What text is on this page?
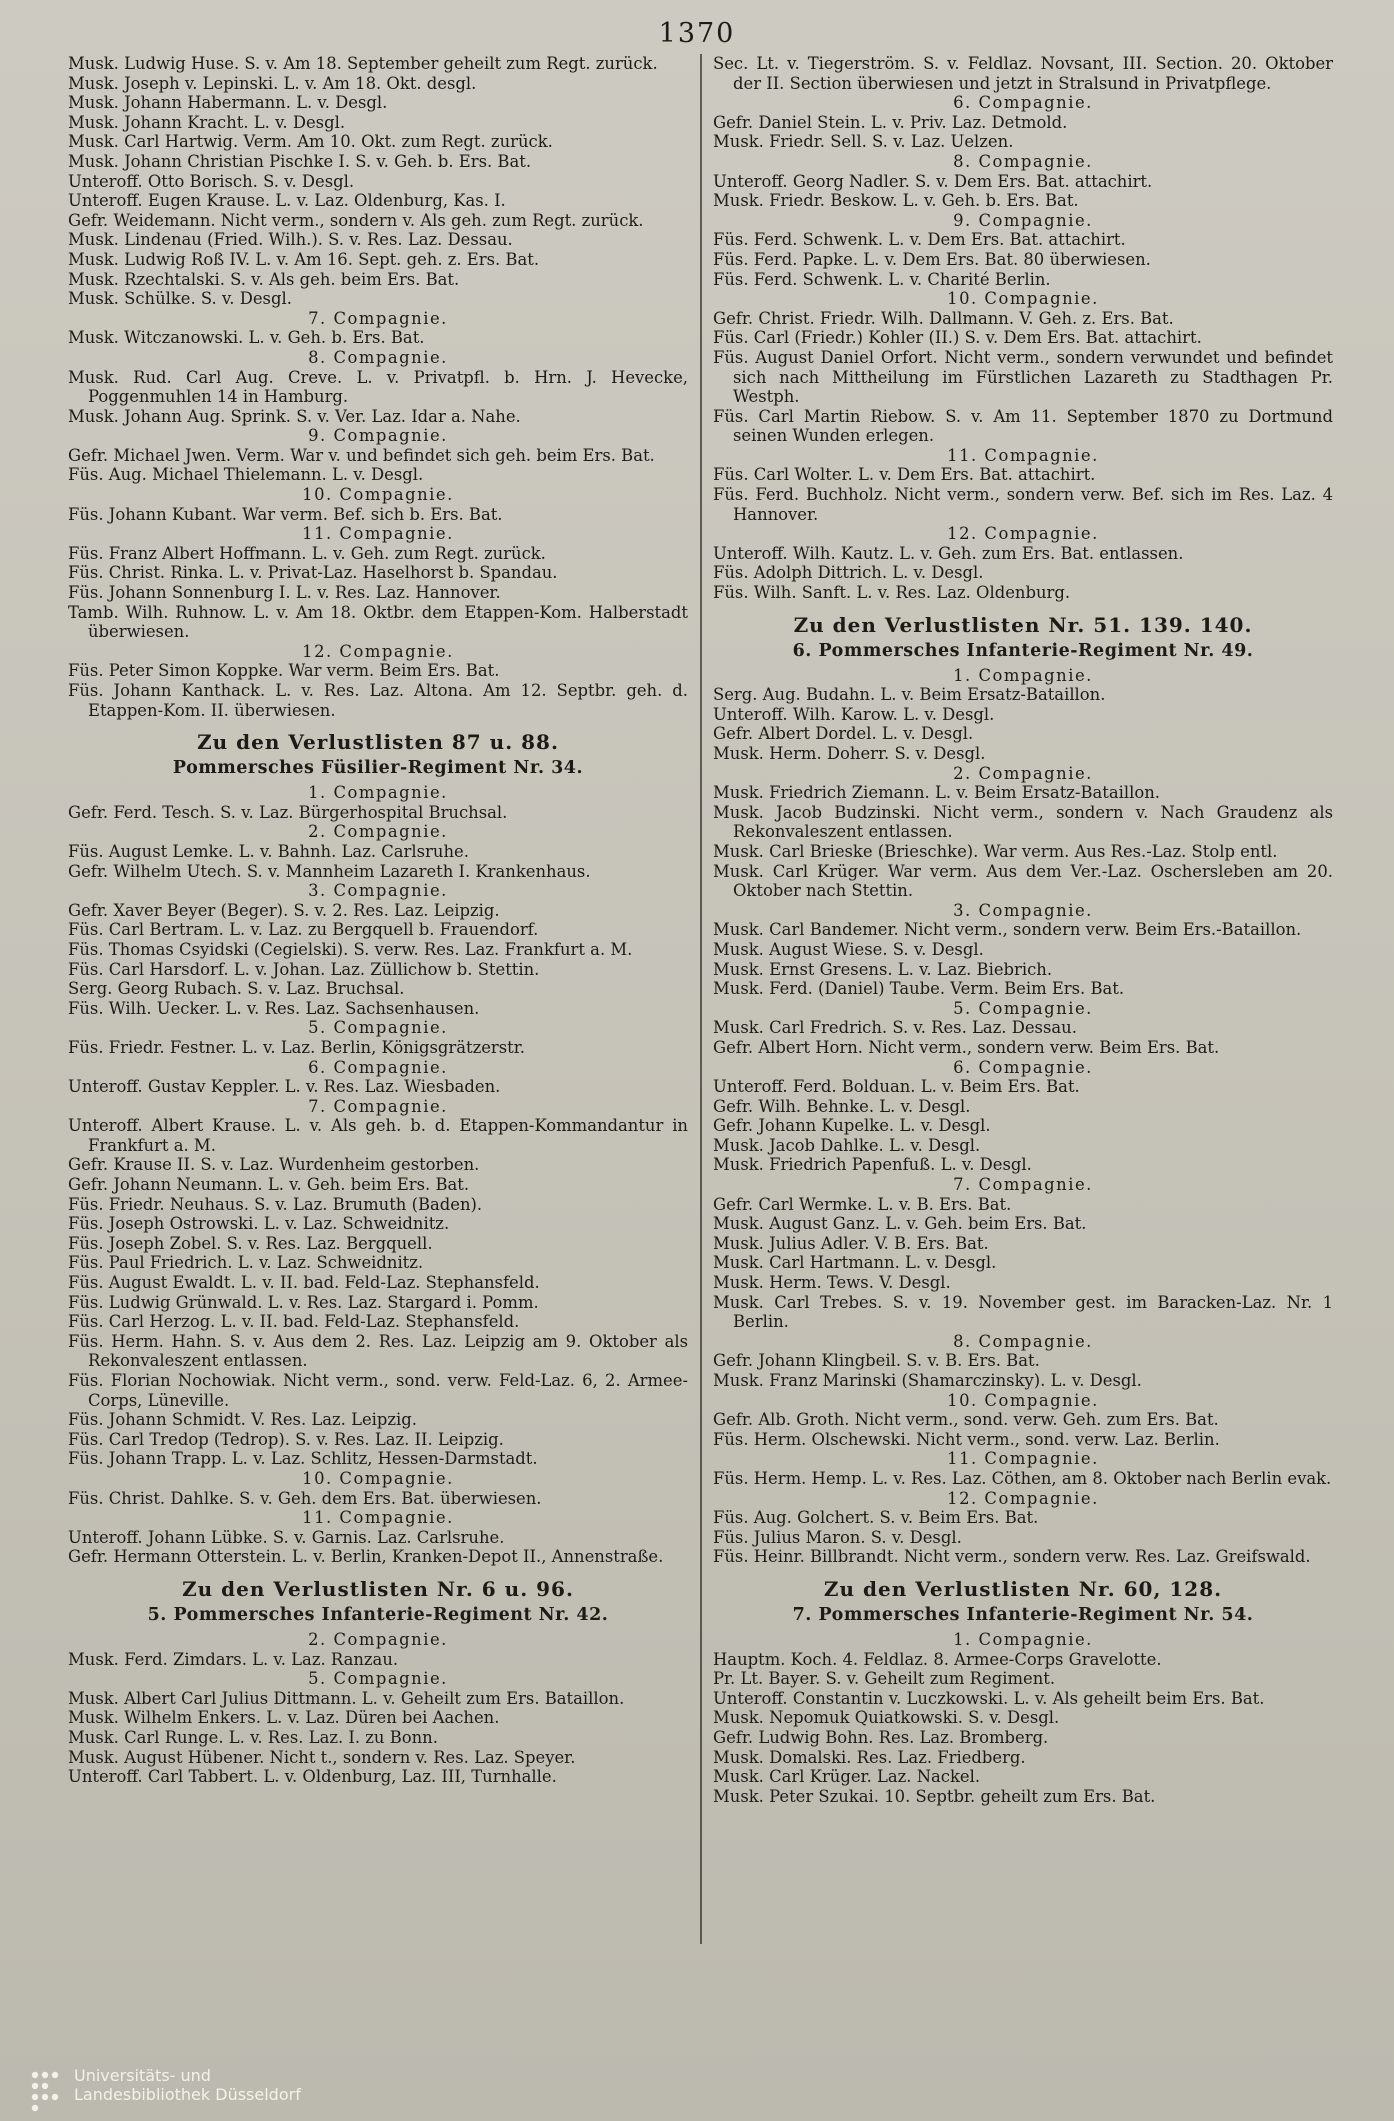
1370

Musk. Ludwig Huse. S. v. Am 18. September geheilt zum Regt. zurück.

Musk. Joseph v. Lepinski. L. v. Am 18. Okt. desgl.

Musk. Johann Habermann. L. v. Desgl.

Musk. Johann Kracht. L. v. Desgl.

Musk. Carl Hartwig. Verm. Am 10. Okt. zum Regt. zurück.

Musk. Johann Christian Pischke I. S. v. Geh. b. Ers. Bat.

Unteroff. Otto Borisch. S. v. Desgl.

Unteroff. Eugen Krause. L. v. Laz. Oldenburg, Kas. I.

Gefr. Weidemann. Nicht verm., sondern v. Als geh. zum Regt. zurück.

Musk. Lindenau (Fried. Wilh.). S. v. Res. Laz. Dessau.

Musk. Ludwig Roß IV. L. v. Am 16. Sept. geh. z. Ers. Bat.

Musk. Rzechtalski. S. v. Als geh. beim Ers. Bat.

Musk. Schülke. S. v. Desgl.

7. Compagnie.

Musk. Witczanowski. L. v. Geh. b. Ers. Bat.

8. Compagnie.

Musk. Rud. Carl Aug. Creve. L. v. Privatpfl. b. Hrn. J. Hevecke, Poggenmuhlen 14 in Hamburg.

Musk. Johann Aug. Sprink. S. v. Ver. Laz. Idar a. Nahe.

9. Compagnie.

Gefr. Michael Jwen. Verm. War v. und befindet sich geh. beim Ers. Bat.

Füs. Aug. Michael Thielemann. L. v. Desgl.

10. Compagnie.

Füs. Johann Kubant. War verm. Bef. sich b. Ers. Bat.

11. Compagnie.

Füs. Franz Albert Hoffmann. L. v. Geh. zum Regt. zurück.

Füs. Christ. Rinka. L. v. Privat-Laz. Haselhorst b. Spandau.

Füs. Johann Sonnenburg I. L. v. Res. Laz. Hannover.

Tamb. Wilh. Ruhnow. L. v. Am 18. Oktbr. dem Etappen-Kom. Halberstadt überwiesen.

12. Compagnie.

Füs. Peter Simon Koppke. War verm. Beim Ers. Bat.

Füs. Johann Kanthack. L. v. Res. Laz. Altona. Am 12. Septbr. geh. d. Etappen-Kom. II. überwiesen.

Zu den Verlustlisten 87 u. 88.

Pommersches Füsilier-Regiment Nr. 34.

1. Compagnie.

Gefr. Ferd. Tesch. S. v. Laz. Bürgerhospital Bruchsal.

2. Compagnie.

Füs. August Lemke. L. v. Bahnh. Laz. Carlsruhe.

Gefr. Wilhelm Utech. S. v. Mannheim Lazareth I. Krankenhaus.

3. Compagnie.

Gefr. Xaver Beyer (Beger). S. v. 2. Res. Laz. Leipzig.

Füs. Carl Bertram. L. v. Laz. zu Bergquell b. Frauendorf.

Füs. Thomas Csyidski (Cegielski). S. verw. Res. Laz. Frankfurt a. M.

Füs. Carl Harsdorf. L. v. Johan. Laz. Züllichow b. Stettin.

Serg. Georg Rubach. S. v. Laz. Bruchsal.

Füs. Wilh. Uecker. L. v. Res. Laz. Sachsenhausen.

5. Compagnie.

Füs. Friedr. Festner. L. v. Laz. Berlin, Königsgrätzerstr.

6. Compagnie.

Unteroff. Gustav Keppler. L. v. Res. Laz. Wiesbaden.

7. Compagnie.

Unteroff. Albert Krause. L. v. Als geh. b. d. Etappen-Kommandantur in Frankfurt a. M.

Gefr. Krause II. S. v. Laz. Wurdenheim gestorben.

Gefr. Johann Neumann. L. v. Geh. beim Ers. Bat.

Füs. Friedr. Neuhaus. S. v. Laz. Brumuth (Baden).

Füs. Joseph Ostrowski. L. v. Laz. Schweidnitz.

Füs. Joseph Zobel. S. v. Res. Laz. Bergquell.

Füs. Paul Friedrich. L. v. Laz. Schweidnitz.

Füs. August Ewaldt. L. v. II. bad. Feld-Laz. Stephansfeld.

Füs. Ludwig Grünwald. L. v. Res. Laz. Stargard i. Pomm.

Füs. Carl Herzog. L. v. II. bad. Feld-Laz. Stephansfeld.

Füs. Herm. Hahn. S. v. Aus dem 2. Res. Laz. Leipzig am 9. Oktober als Rekonvaleszent entlassen.

Füs. Florian Nochowiak. Nicht verm., sond. verw. Feld-Laz. 6, 2. Armee-Corps, Lüneville.

Füs. Johann Schmidt. V. Res. Laz. Leipzig.

Füs. Carl Tredop (Tedrop). S. v. Res. Laz. II. Leipzig.

Füs. Johann Trapp. L. v. Laz. Schlitz, Hessen-Darmstadt.

10. Compagnie.

Füs. Christ. Dahlke. S. v. Geh. dem Ers. Bat. überwiesen.

11. Compagnie.

Unteroff. Johann Lübke. S. v. Garnis. Laz. Carlsruhe.

Gefr. Hermann Otterstein. L. v. Berlin, Kranken-Depot II., Annenstraße.

Zu den Verlustlisten Nr. 6 u. 96.

5. Pommersches Infanterie-Regiment Nr. 42.

2. Compagnie.

Musk. Ferd. Zimdars. L. v. Laz. Ranzau.

5. Compagnie.

Musk. Albert Carl Julius Dittmann. L. v. Geheilt zum Ers. Bataillon.

Musk. Wilhelm Enkers. L. v. Laz. Düren bei Aachen.

Musk. Carl Runge. L. v. Res. Laz. I. zu Bonn.

Musk. August Hübener. Nicht t., sondern v. Res. Laz. Speyer.

Unteroff. Carl Tabbert. L. v. Oldenburg, Laz. III, Turnhalle.

Sec. Lt. v. Tiegerström. S. v. Feldlaz. Novsant, III. Section. 20. Oktober der II. Section überwiesen und jetzt in Stralsund in Privatpflege.

6. Compagnie.

Gefr. Daniel Stein. L. v. Priv. Laz. Detmold.

Musk. Friedr. Sell. S. v. Laz. Uelzen.

8. Compagnie.

Unteroff. Georg Nadler. S. v. Dem Ers. Bat. attachirt.

Musk. Friedr. Beskow. L. v. Geh. b. Ers. Bat.

9. Compagnie.

Füs. Ferd. Schwenk. L. v. Dem Ers. Bat. attachirt.

Füs. Ferd. Papke. L. v. Dem Ers. Bat. 80 überwiesen.

Füs. Ferd. Schwenk. L. v. Charité Berlin.

10. Compagnie.

Gefr. Christ. Friedr. Wilh. Dallmann. V. Geh. z. Ers. Bat.

Füs. Carl (Friedr.) Kohler (II.) S. v. Dem Ers. Bat. attachirt.

Füs. August Daniel Orfort. Nicht verm., sondern verwundet und befindet sich nach Mittheilung im Fürstlichen Lazareth zu Stadthagen Pr. Westph.

Füs. Carl Martin Riebow. S. v. Am 11. September 1870 zu Dortmund seinen Wunden erlegen.

11. Compagnie.

Füs. Carl Wolter. L. v. Dem Ers. Bat. attachirt.

Füs. Ferd. Buchholz. Nicht verm., sondern verw. Bef. sich im Res. Laz. 4 Hannover.

12. Compagnie.

Unteroff. Wilh. Kautz. L. v. Geh. zum Ers. Bat. entlassen.

Füs. Adolph Dittrich. L. v. Desgl.

Füs. Wilh. Sanft. L. v. Res. Laz. Oldenburg.

Zu den Verlustlisten Nr. 51. 139. 140.

6. Pommersches Infanterie-Regiment Nr. 49.

1. Compagnie.

Serg. Aug. Budahn. L. v. Beim Ersatz-Bataillon.

Unteroff. Wilh. Karow. L. v. Desgl.

Gefr. Albert Dordel. L. v. Desgl.

Musk. Herm. Doherr. S. v. Desgl.

2. Compagnie.

Musk. Friedrich Ziemann. L. v. Beim Ersatz-Bataillon.

Musk. Jacob Budzinski. Nicht verm., sondern v. Nach Graudenz als Rekonvaleszent entlassen.

Musk. Carl Brieske (Brieschke). War verm. Aus Res.-Laz. Stolp entl.

Musk. Carl Krüger. War verm. Aus dem Ver.-Laz. Oschersleben am 20. Oktober nach Stettin.

3. Compagnie.

Musk. Carl Bandemer. Nicht verm., sondern verw. Beim Ers.-Bataillon.

Musk. August Wiese. S. v. Desgl.

Musk. Ernst Gresens. L. v. Laz. Biebrich.

Musk. Ferd. (Daniel) Taube. Verm. Beim Ers. Bat.

5. Compagnie.

Musk. Carl Fredrich. S. v. Res. Laz. Dessau.

Gefr. Albert Horn. Nicht verm., sondern verw. Beim Ers. Bat.

6. Compagnie.

Unteroff. Ferd. Bolduan. L. v. Beim Ers. Bat.

Gefr. Wilh. Behnke. L. v. Desgl.

Gefr. Johann Kupelke. L. v. Desgl.

Musk. Jacob Dahlke. L. v. Desgl.

Musk. Friedrich Papenfuß. L. v. Desgl.

7. Compagnie.

Gefr. Carl Wermke. L. v. B. Ers. Bat.

Musk. August Ganz. L. v. Geh. beim Ers. Bat.

Musk. Julius Adler. V. B. Ers. Bat.

Musk. Carl Hartmann. L. v. Desgl.

Musk. Herm. Tews. V. Desgl.

Musk. Carl Trebes. S. v. 19. November gest. im Baracken-Laz. Nr. 1 Berlin.

8. Compagnie.

Gefr. Johann Klingbeil. S. v. B. Ers. Bat.

Musk. Franz Marinski (Shamarczinsky). L. v. Desgl.

10. Compagnie.

Gefr. Alb. Groth. Nicht verm., sond. verw. Geh. zum Ers. Bat.

Füs. Herm. Olschewski. Nicht verm., sond. verw. Laz. Berlin.

11. Compagnie.

Füs. Herm. Hemp. L. v. Res. Laz. Cöthen, am 8. Oktober nach Berlin evak.

12. Compagnie.

Füs. Aug. Golchert. S. v. Beim Ers. Bat.

Füs. Julius Maron. S. v. Desgl.

Füs. Heinr. Billbrandt. Nicht verm., sondern verw. Res. Laz. Greifswald.

Zu den Verlustlisten Nr. 60, 128.

7. Pommersches Infanterie-Regiment Nr. 54.

1. Compagnie.

Hauptm. Koch. 4. Feldlaz. 8. Armee-Corps Gravelotte.

Pr. Lt. Bayer. S. v. Geheilt zum Regiment.

Unteroff. Constantin v. Luczkowski. L. v. Als geheilt beim Ers. Bat.

Musk. Nepomuk Quiatkowski. S. v. Desgl.

Gefr. Ludwig Bohn. Res. Laz. Bromberg.

Musk. Domalski. Res. Laz. Friedberg.

Musk. Carl Krüger. Laz. Nackel.

Musk. Peter Szukai. 10. Septbr. geheilt zum Ers. Bat.

Universitäts- und
Landesbibliothek Düsseldorf
